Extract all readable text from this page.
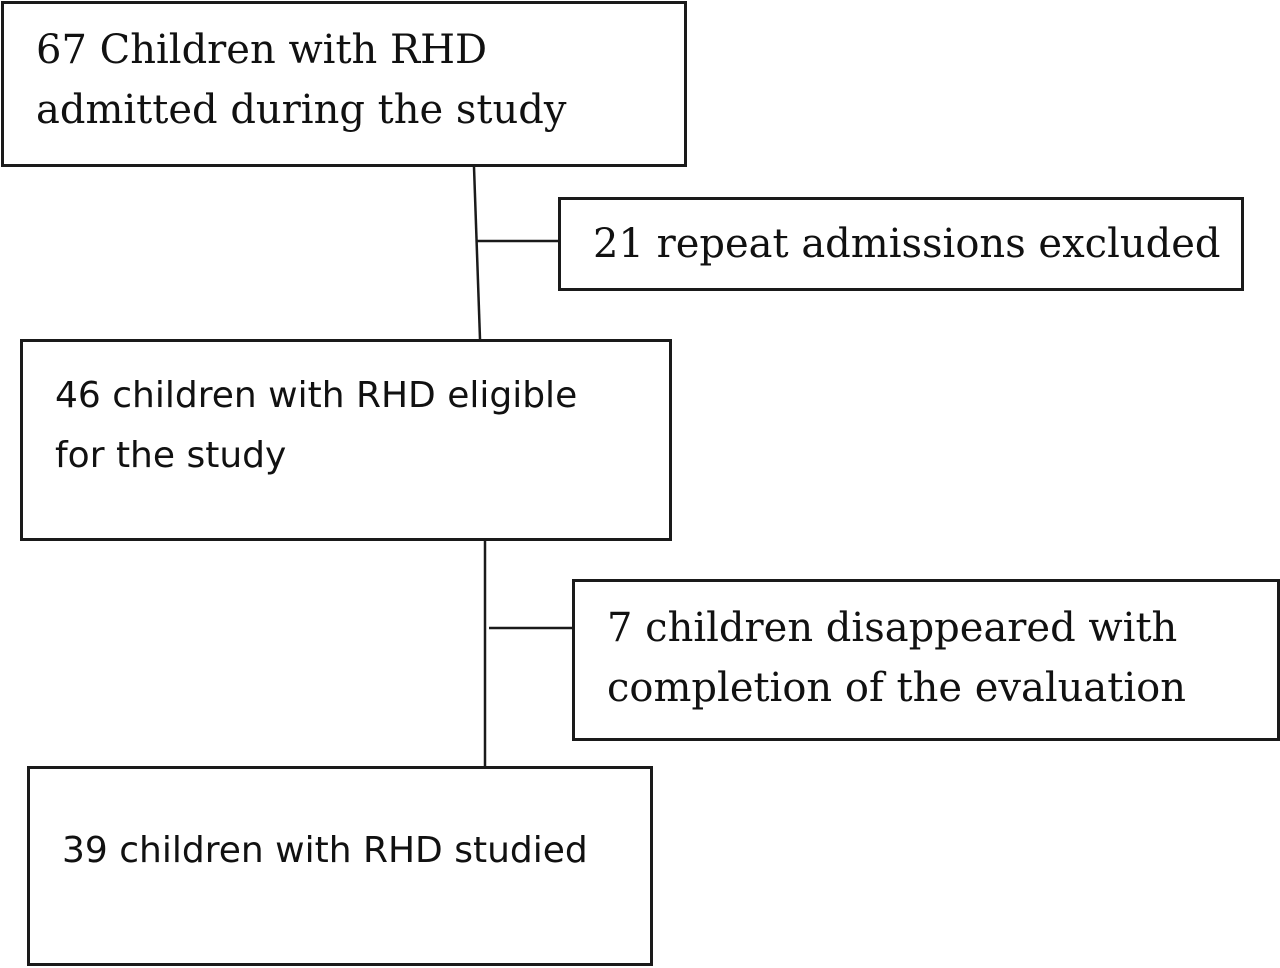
67 Children with RHD
admitted during the study
21 repeat admissions excluded
46 children with RHD eligible
for the study
7 children disappeared with
completion of the evaluation
39 children with RHD studied
